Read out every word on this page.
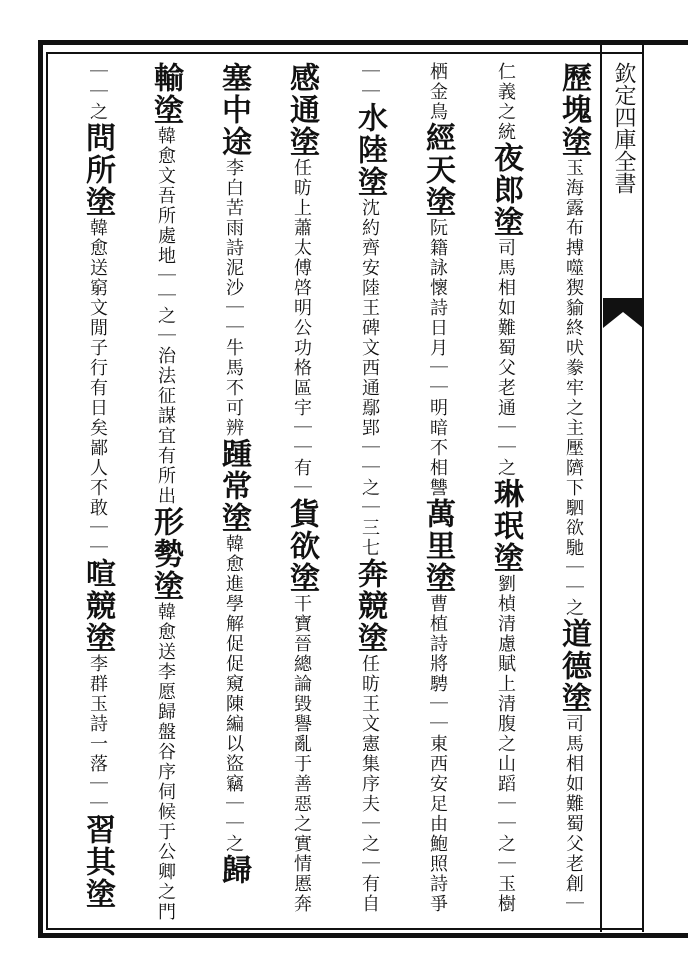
欽定四庫全書

歷塊塗玉海露布搏噬猰貐終吠豢牢之主壓隮下駟欲馳｜｜之道德塗司馬相如難蜀父老創｜
仁義之統夜郎塗司馬相如難蜀父老通｜｜之琳珉塗劉楨清慮賦上清腹之山蹈｜｜之｜玉樹
栖金鳥經天塗阮籍詠懷詩日月｜｜明暗不相讐萬里塗曹植詩將騁｜｜東西安足由鮑照詩爭
｜｜水陸塗沈約齊安陸王碑文西通鄢郢｜｜之｜三七奔競塗任昉王文憲集序夫｜之｜有自
感通塗任昉上蕭太傅啓明公功格區宇｜｜有｜貨欲塗干寶晉總論毀譽亂于善惡之實情慝奔
塞中途李白苦雨詩泥沙｜｜牛馬不可辨踵常塗韓愈進學解促促窺陳編以盜竊｜｜之歸
輸塗韓愈文吾所處地｜｜之｜治法征謀宜有所出形勢塗韓愈送李愿歸盤谷序伺候于公卿之門
｜｜之問所塗韓愈送窮文閒子行有日矣鄙人不敢｜｜喧競塗李群玉詩一落｜｜習其塗
